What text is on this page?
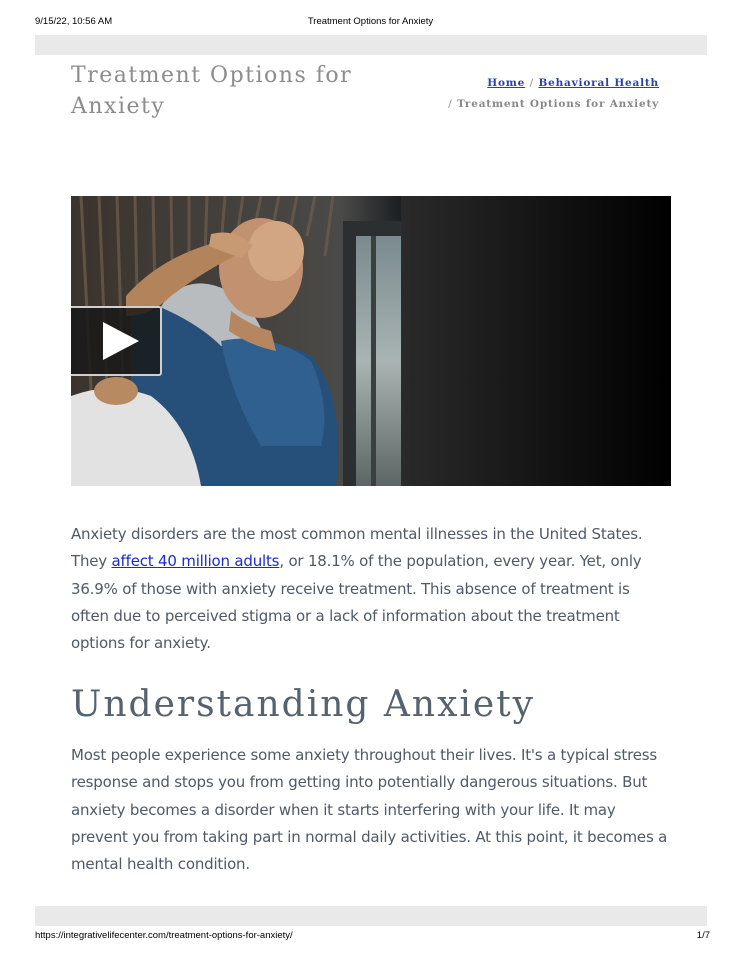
9/15/22, 10:56 AM	Treatment Options for Anxiety
Treatment Options for Anxiety
Home / Behavioral Health
/ Treatment Options for Anxiety

Anxiety disorders are the most common mental illnesses in the United States. They affect 40 million adults, or 18.1% of the population, every year. Yet, only 36.9% of those with anxiety receive treatment. This absence of treatment is often due to perceived stigma or a lack of information about the treatment options for anxiety.

Understanding Anxiety

Most people experience some anxiety throughout their lives. It's a typical stress response and stops you from getting into potentially dangerous situations. But anxiety becomes a disorder when it starts interfering with your life. It may prevent you from taking part in normal daily activities. At this point, it becomes a mental health condition.

https://integrativelifecenter.com/treatment-options-for-anxiety/	1/7
